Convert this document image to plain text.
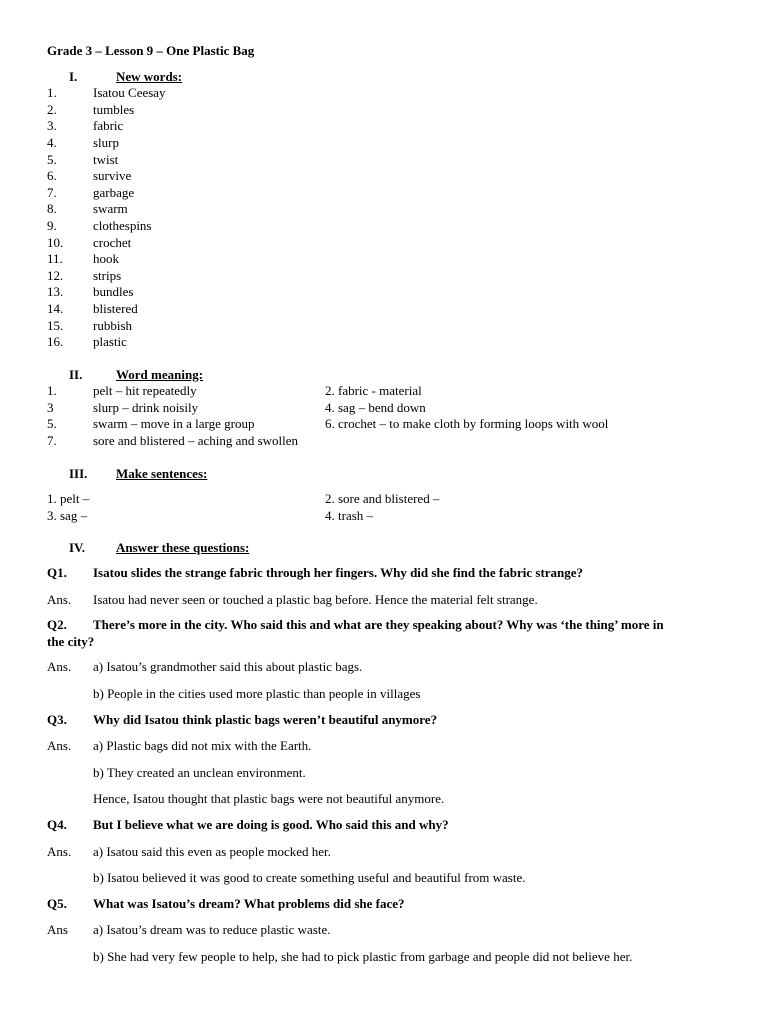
Grade 3 – Lesson 9 – One Plastic Bag
I.	New words:
1.	Isatou Ceesay
2.	tumbles
3.	fabric
4.	slurp
5.	twist
6.	survive
7.	garbage
8.	swarm
9.	clothespins
10.	crochet
11.	hook
12.	strips
13.	bundles
14.	blistered
15.	rubbish
16.	plastic
II.	Word meaning:
1.	pelt – hit repeatedly	2. fabric - material
3	slurp – drink noisily	4. sag – bend down
5.	swarm – move in a large group	6. crochet – to make cloth by forming loops with wool
7.	sore and blistered – aching and swollen
III.	Make sentences:
1. pelt –	2. sore and blistered –
3. sag –	4. trash –
IV.	Answer these questions:
Q1.	Isatou slides the strange fabric through her fingers. Why did she find the fabric strange?
Ans.	Isatou had never seen or touched a plastic bag before. Hence the material felt strange.
Q2.	There’s more in the city. Who said this and what are they speaking about? Why was ‘the thing’ more in
the city?
Ans.	a) Isatou’s grandmother said this about plastic bags.
b) People in the cities used more plastic than people in villages
Q3.	Why did Isatou think plastic bags weren’t beautiful anymore?
Ans.	a) Plastic bags did not mix with the Earth.
b) They created an unclean environment.
Hence, Isatou thought that plastic bags were not beautiful anymore.
Q4.	But I believe what we are doing is good. Who said this and why?
Ans.	a) Isatou said this even as people mocked her.
b) Isatou believed it was good to create something useful and beautiful from waste.
Q5.	What was Isatou’s dream? What problems did she face?
Ans	a) Isatou’s dream was to reduce plastic waste.
b) She had very few people to help, she had to pick plastic from garbage and people did not believe her.
